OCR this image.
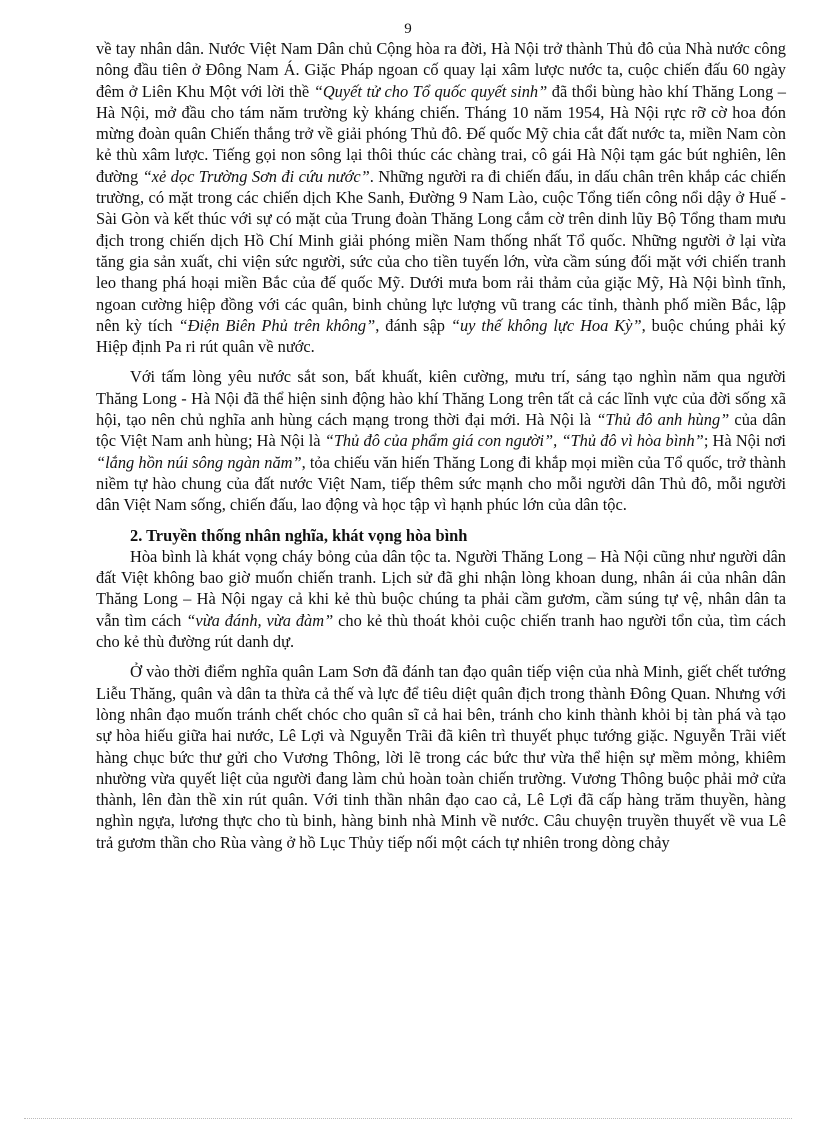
9

về tay nhân dân. Nước Việt Nam Dân chủ Cộng hòa ra đời, Hà Nội trở thành Thủ đô của Nhà nước công nông đầu tiên ở Đông Nam Á. Giặc Pháp ngoan cố quay lại xâm lược nước ta, cuộc chiến đấu 60 ngày đêm ở Liên Khu Một với lời thề “Quyết tử cho Tổ quốc quyết sinh” đã thổi bùng hào khí Thăng Long – Hà Nội, mở đầu cho tám năm trường kỳ kháng chiến. Tháng 10 năm 1954, Hà Nội rực rỡ cờ hoa đón mừng đoàn quân Chiến thắng trở về giải phóng Thủ đô. Đế quốc Mỹ chia cắt đất nước ta, miền Nam còn kẻ thù xâm lược. Tiếng gọi non sông lại thôi thúc các chàng trai, cô gái Hà Nội tạm gác bút nghiên, lên đường “xẻ dọc Trường Sơn đi cứu nước”. Những người ra đi chiến đấu, in dấu chân trên khắp các chiến trường, có mặt trong các chiến dịch Khe Sanh, Đường 9 Nam Lào, cuộc Tổng tiến công nổi dậy ở Huế - Sài Gòn và kết thúc với sự có mặt của Trung đoàn Thăng Long cắm cờ trên dinh lũy Bộ Tổng tham mưu địch trong chiến dịch Hồ Chí Minh giải phóng miền Nam thống nhất Tổ quốc. Những người ở lại vừa tăng gia sản xuất, chi viện sức người, sức của cho tiền tuyến lớn, vừa cầm súng đối mặt với chiến tranh leo thang phá hoại miền Bắc của đế quốc Mỹ. Dưới mưa bom rải thảm của giặc Mỹ, Hà Nội bình tĩnh, ngoan cường hiệp đồng với các quân, binh chủng lực lượng vũ trang các tỉnh, thành phố miền Bắc, lập nên kỳ tích “Điện Biên Phủ trên không”, đánh sập “uy thế không lực Hoa Kỳ”, buộc chúng phải ký Hiệp định Pa ri rút quân về nước.

Với tấm lòng yêu nước sắt son, bất khuất, kiên cường, mưu trí, sáng tạo nghìn năm qua người Thăng Long - Hà Nội đã thể hiện sinh động hào khí Thăng Long trên tất cả các lĩnh vực của đời sống xã hội, tạo nên chủ nghĩa anh hùng cách mạng trong thời đại mới. Hà Nội là “Thủ đô anh hùng” của dân tộc Việt Nam anh hùng; Hà Nội là “Thủ đô của phẩm giá con người”, “Thủ đô vì hòa bình”; Hà Nội nơi “lắng hồn núi sông ngàn năm”, tỏa chiếu văn hiến Thăng Long đi khắp mọi miền của Tổ quốc, trở thành niềm tự hào chung của đất nước Việt Nam, tiếp thêm sức mạnh cho mỗi người dân Thủ đô, mỗi người dân Việt Nam sống, chiến đấu, lao động và học tập vì hạnh phúc lớn của dân tộc.

2. Truyền thống nhân nghĩa, khát vọng hòa bình

Hòa bình là khát vọng cháy bỏng của dân tộc ta. Người Thăng Long – Hà Nội cũng như người dân đất Việt không bao giờ muốn chiến tranh. Lịch sử đã ghi nhận lòng khoan dung, nhân ái của nhân dân Thăng Long – Hà Nội ngay cả khi kẻ thù buộc chúng ta phải cầm gươm, cầm súng tự vệ, nhân dân ta vẫn tìm cách “vừa đánh, vừa đàm” cho kẻ thù thoát khỏi cuộc chiến tranh hao người tổn của, tìm cách cho kẻ thù đường rút danh dự.

Ở vào thời điểm nghĩa quân Lam Sơn đã đánh tan đạo quân tiếp viện của nhà Minh, giết chết tướng Liễu Thăng, quân và dân ta thừa cả thế và lực để tiêu diệt quân địch trong thành Đông Quan. Nhưng với lòng nhân đạo muốn tránh chết chóc cho quân sĩ cả hai bên, tránh cho kinh thành khỏi bị tàn phá và tạo sự hòa hiếu giữa hai nước, Lê Lợi và Nguyễn Trãi đã kiên trì thuyết phục tướng giặc. Nguyễn Trãi viết hàng chục bức thư gửi cho Vương Thông, lời lẽ trong các bức thư vừa thể hiện sự mềm mỏng, khiêm nhường vừa quyết liệt của người đang làm chủ hoàn toàn chiến trường. Vương Thông buộc phải mở cửa thành, lên đàn thề xin rút quân. Với tinh thần nhân đạo cao cả, Lê Lợi đã cấp hàng trăm thuyền, hàng nghìn ngựa, lương thực cho tù binh, hàng binh nhà Minh về nước. Câu chuyện truyền thuyết về vua Lê trả gươm thần cho Rùa vàng ở hồ Lục Thủy tiếp nối một cách tự nhiên trong dòng chảy
